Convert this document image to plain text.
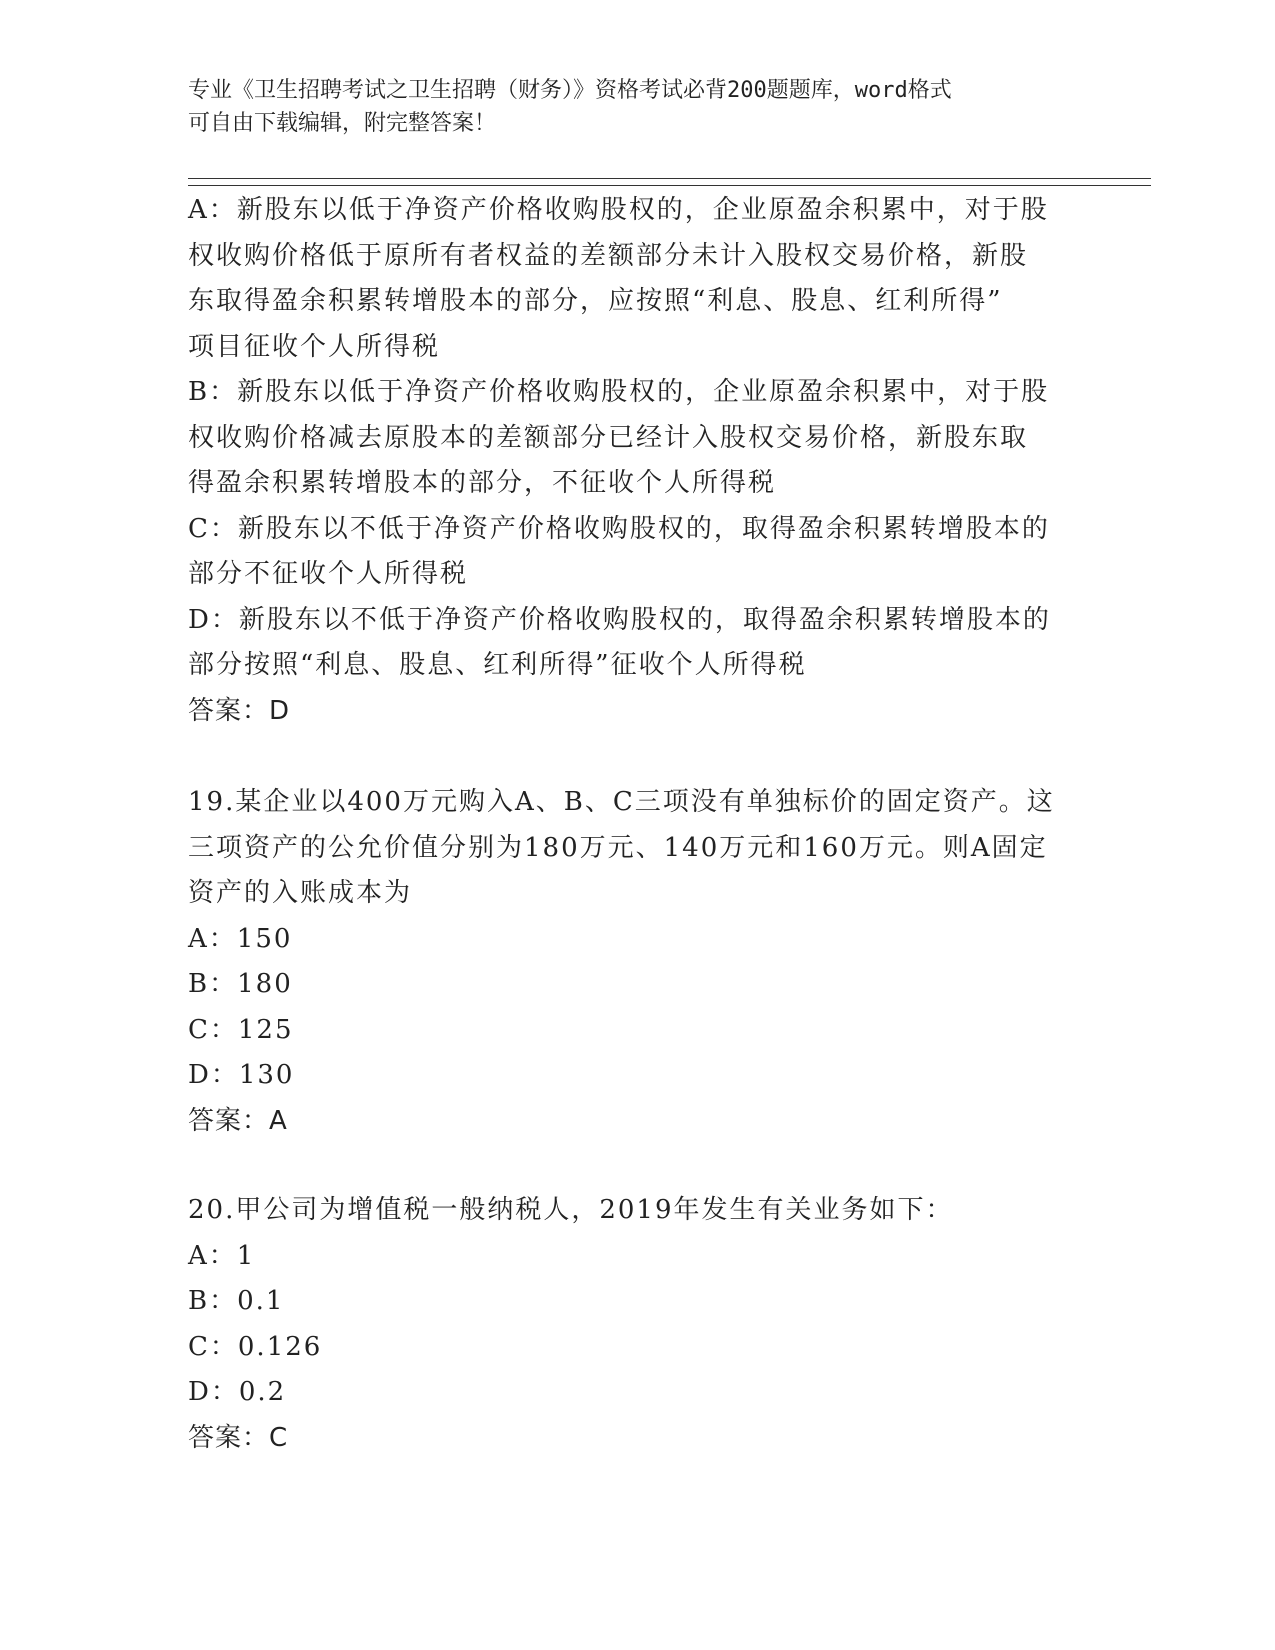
专业《卫生招聘考试之卫生招聘（财务）》资格考试必背200题题库，word格式
可自由下载编辑，附完整答案！
A：新股东以低于净资产价格收购股权的，企业原盈余积累中，对于股
权收购价格低于原所有者权益的差额部分未计入股权交易价格，新股
东取得盈余积累转增股本的部分，应按照“利息、股息、红利所得”
项目征收个人所得税
B：新股东以低于净资产价格收购股权的，企业原盈余积累中，对于股
权收购价格减去原股本的差额部分已经计入股权交易价格，新股东取
得盈余积累转增股本的部分，不征收个人所得税
C：新股东以不低于净资产价格收购股权的，取得盈余积累转增股本的
部分不征收个人所得税
D：新股东以不低于净资产价格收购股权的，取得盈余积累转增股本的
部分按照“利息、股息、红利所得”征收个人所得税
答案：D
19.某企业以400万元购入A、B、C三项没有单独标价的固定资产。这
三项资产的公允价值分别为180万元、140万元和160万元。则A固定
资产的入账成本为
A：150
B：180
C：125
D：130
答案：A
20.甲公司为增值税一般纳税人，2019年发生有关业务如下：
A：1
B：0.1
C：0.126
D：0.2
答案：C
